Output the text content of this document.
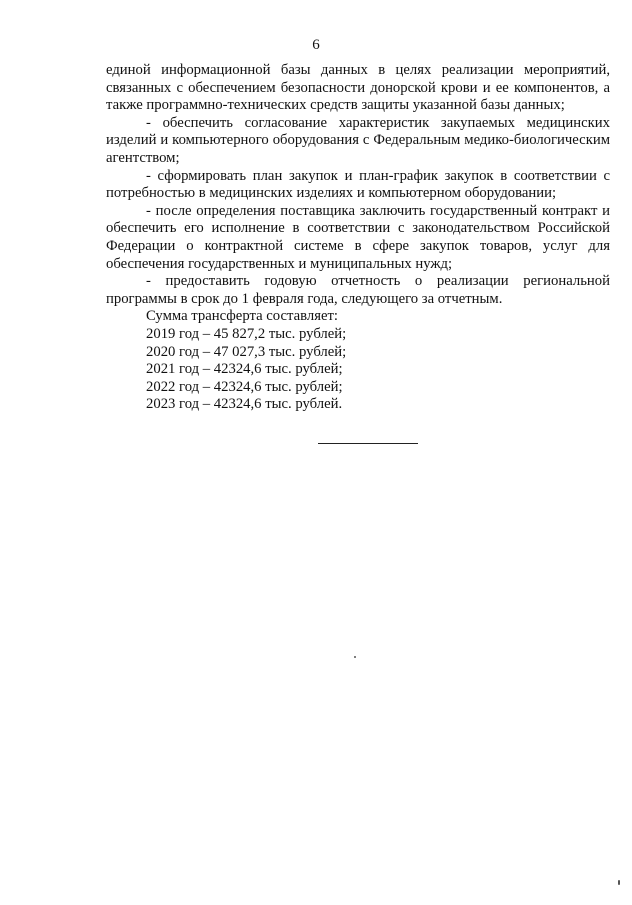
6

единой информационной базы данных в целях реализации мероприятий, связанных с обеспечением безопасности донорской крови и ее компонентов, а также программно-технических средств защиты указанной базы данных;

- обеспечить согласование характеристик закупаемых медицинских изделий и компьютерного оборудования с Федеральным медико-биологическим агентством;

- сформировать план закупок и план-график закупок в соответствии с потребностью в медицинских изделиях и компьютерном оборудовании;

- после определения поставщика заключить государственный контракт и обеспечить его исполнение в соответствии с законодательством Российской Федерации о контрактной системе в сфере закупок товаров, услуг для обеспечения государственных и муниципальных нужд;

- предоставить годовую отчетность о реализации региональной программы в срок до 1 февраля года, следующего за отчетным.

Сумма трансферта составляет:
2019 год – 45 827,2 тыс. рублей;
2020 год – 47 027,3 тыс. рублей;
2021 год – 42324,6 тыс. рублей;
2022 год – 42324,6 тыс. рублей;
2023 год – 42324,6 тыс. рублей.
